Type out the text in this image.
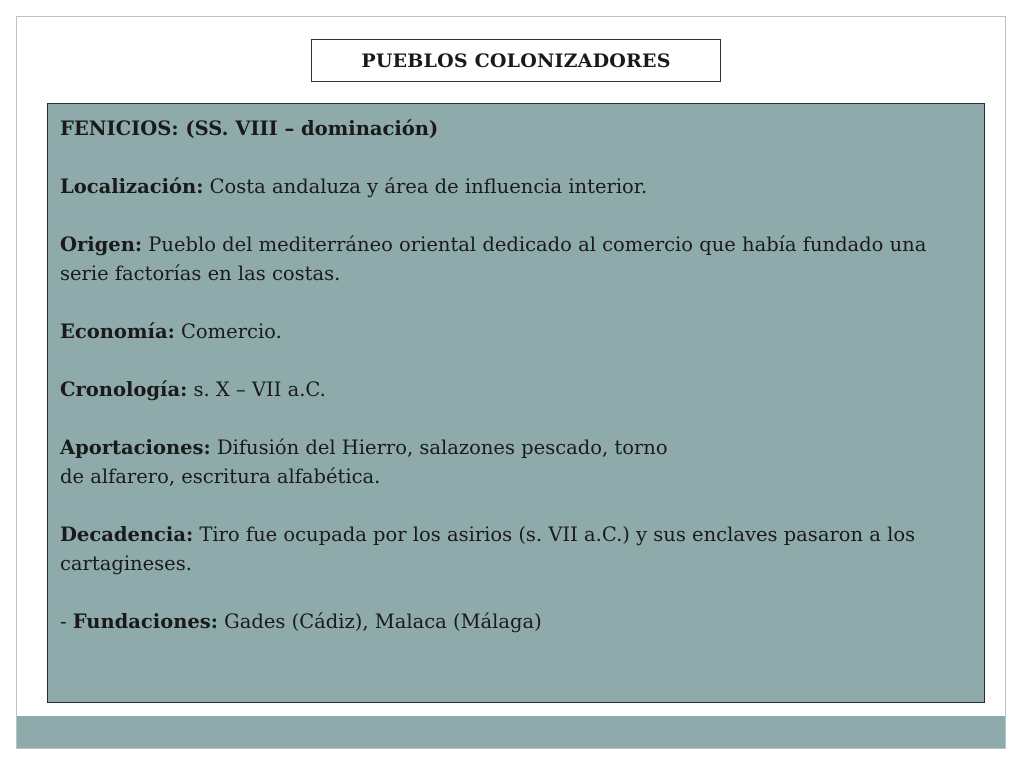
PUEBLOS COLONIZADORES

FENICIOS: (SS. VIII – dominación)

Localización: Costa andaluza y área de influencia interior.

Origen: Pueblo del mediterráneo oriental dedicado al comercio que había fundado una serie factorías en las costas.

Economía: Comercio.

Cronología: s. X – VII a.C.

Aportaciones: Difusión del Hierro, salazones pescado, torno
de alfarero, escritura alfabética.

Decadencia: Tiro fue ocupada por los asirios (s. VII a.C.) y sus enclaves pasaron a los cartagineses.

- Fundaciones: Gades (Cádiz), Malaca (Málaga)
